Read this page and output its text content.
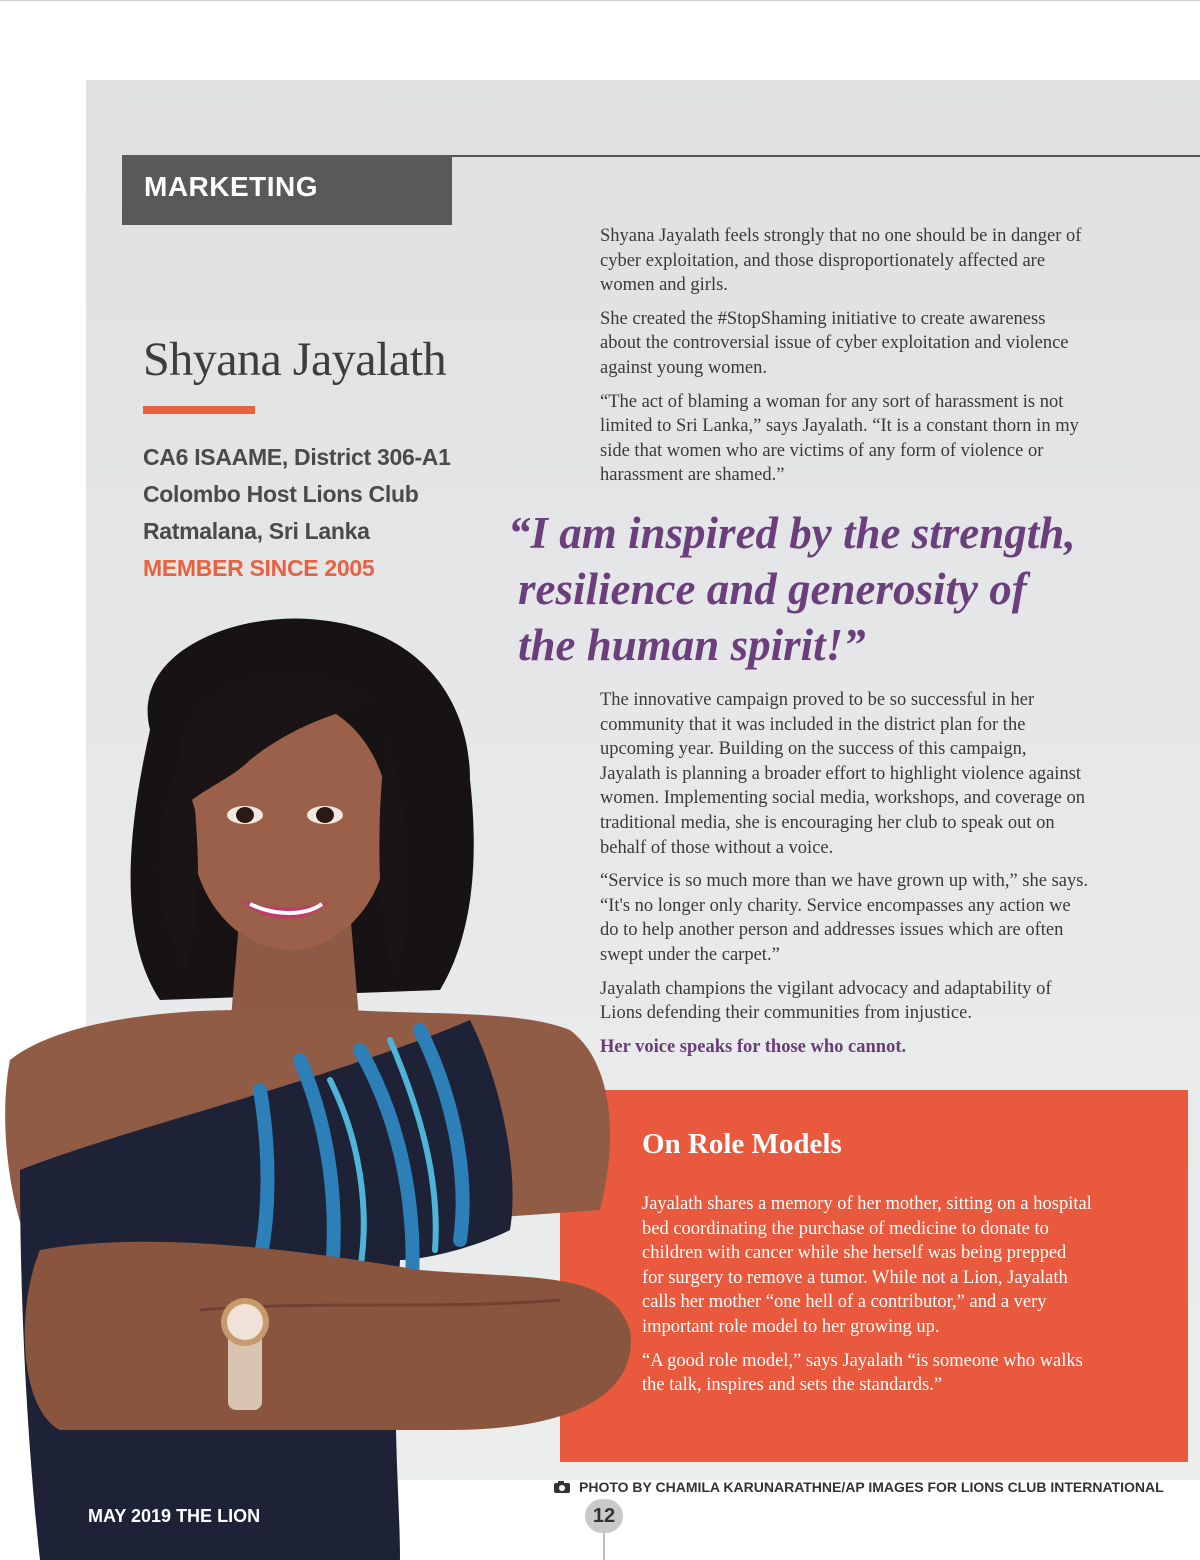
MARKETING
Shyana Jayalath
CA6 ISAAME, District 306-A1
Colombo Host Lions Club
Ratmalana, Sri Lanka
MEMBER SINCE 2005

Shyana Jayalath feels strongly that no one should be in danger of cyber exploitation, and those disproportionately affected are women and girls.

She created the #StopShaming initiative to create awareness about the controversial issue of cyber exploitation and violence against young women.

“The act of blaming a woman for any sort of harassment is not limited to Sri Lanka,” says Jayalath. “It is a constant thorn in my side that women who are victims of any form of violence or harassment are shamed.”

“I am inspired by the strength,
resilience and generosity of
the human spirit!”

The innovative campaign proved to be so successful in her community that it was included in the district plan for the upcoming year. Building on the success of this campaign, Jayalath is planning a broader effort to highlight violence against women. Implementing social media, workshops, and coverage on traditional media, she is encouraging her club to speak out on behalf of those without a voice.

“Service is so much more than we have grown up with,” she says. “It's no longer only charity. Service encompasses any action we do to help another person and addresses issues which are often swept under the carpet.”

Jayalath champions the vigilant advocacy and adaptability of Lions defending their communities from injustice.

Her voice speaks for those who cannot.

On Role Models

Jayalath shares a memory of her mother, sitting on a hospital bed coordinating the purchase of medicine to donate to children with cancer while she herself was being prepped for surgery to remove a tumor. While not a Lion, Jayalath calls her mother “one hell of a contributor,” and a very important role model to her growing up.

“A good role model,” says Jayalath “is someone who walks the talk, inspires and sets the standards.”

PHOTO BY CHAMILA KARUNARATHNE/AP IMAGES FOR LIONS CLUB INTERNATIONAL
MAY 2019 THE LION	12
